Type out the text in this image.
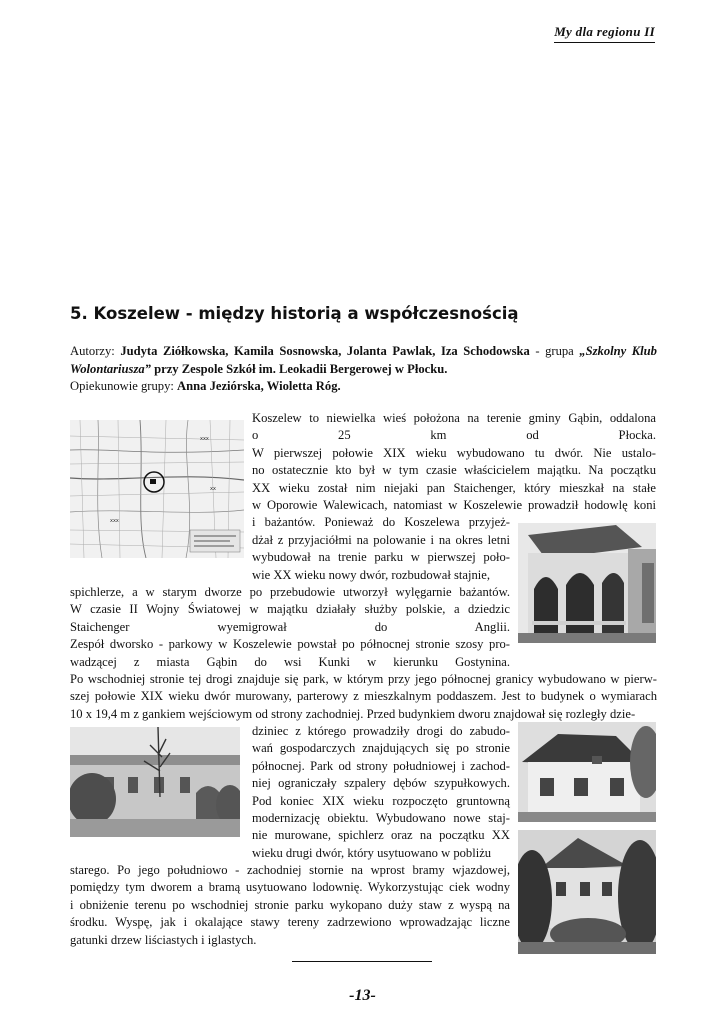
My dla regionu II
5. Koszelew - między historią a współczesnością
Autorzy: Judyta Ziółkowska, Kamila Sosnowska, Jolanta Pawlak, Iza Schodowska - grupa „Szkolny Klub Wolontariusza” przy Zespole Szkół im. Leokadii Bergerowej w Płocku.
Opiekunowie grupy: Anna Jeziórska, Wioletta Róg.
xxx
xxx
xx
Koszelew to niewielka wieś położona na terenie gminy Gąbin, oddalona
o 25 km od Płocka.
W pierwszej połowie XIX wieku wybudowano tu dwór. Nie ustalo-
no ostatecznie kto był w tym czasie właścicielem majątku. Na początku
XX wieku został nim niejaki pan Staichenger, który mieszkał na stałe
w Oporowie Walewicach, natomiast w Koszelewie prowadził hodowlę koni
i bażantów. Ponieważ do Koszelewa przyjeż-
dżał z przyjaciółmi na polowanie i na okres letni
wybudował na trenie parku w pierwszej poło-
wie XX wieku nowy dwór, rozbudował stajnie,
spichlerze, a w starym dworze po przebudowie utworzył wylęgarnie bażantów.
W czasie II Wojny Światowej w majątku działały służby polskie, a dziedzic
Staichenger wyemigrował do Anglii.
Zespół dworsko - parkowy w Koszelewie powstał po północnej stronie szosy pro-
wadzącej z miasta Gąbin do wsi Kunki w kierunku Gostynina.
Po wschodniej stronie tej drogi znajduje się park, w którym przy jego północnej granicy wybudowano w pierw-
szej połowie XIX wieku dwór murowany, parterowy z mieszkalnym poddaszem. Jest to budynek o wymiarach
10 x 19,4 m z gankiem wejściowym od strony zachodniej. Przed budynkiem dworu znajdował się rozległy dzie-
dziniec z którego prowadziły drogi do zabudo-
wań gospodarczych znajdujących się po stronie
północnej. Park od strony południowej i zachod-
niej ograniczały szpalery dębów szypułkowych.
Pod koniec XIX wieku rozpoczęto gruntowną
modernizację obiektu. Wybudowano nowe staj-
nie murowane, spichlerz oraz na początku XX
wieku drugi dwór, który usytuowano w pobliżu
starego. Po jego południowo - zachodniej stornie na wprost bramy wjazdowej,
pomiędzy tym dworem a bramą usytuowano lodownię. Wykorzystując ciek wodny
i obniżenie terenu po wschodniej stronie parku wykopano duży staw z wyspą na
środku. Wyspę, jak i okalające stawy tereny zadrzewiono wprowadzając liczne
gatunki drzew liściastych i iglastych.
-13-
